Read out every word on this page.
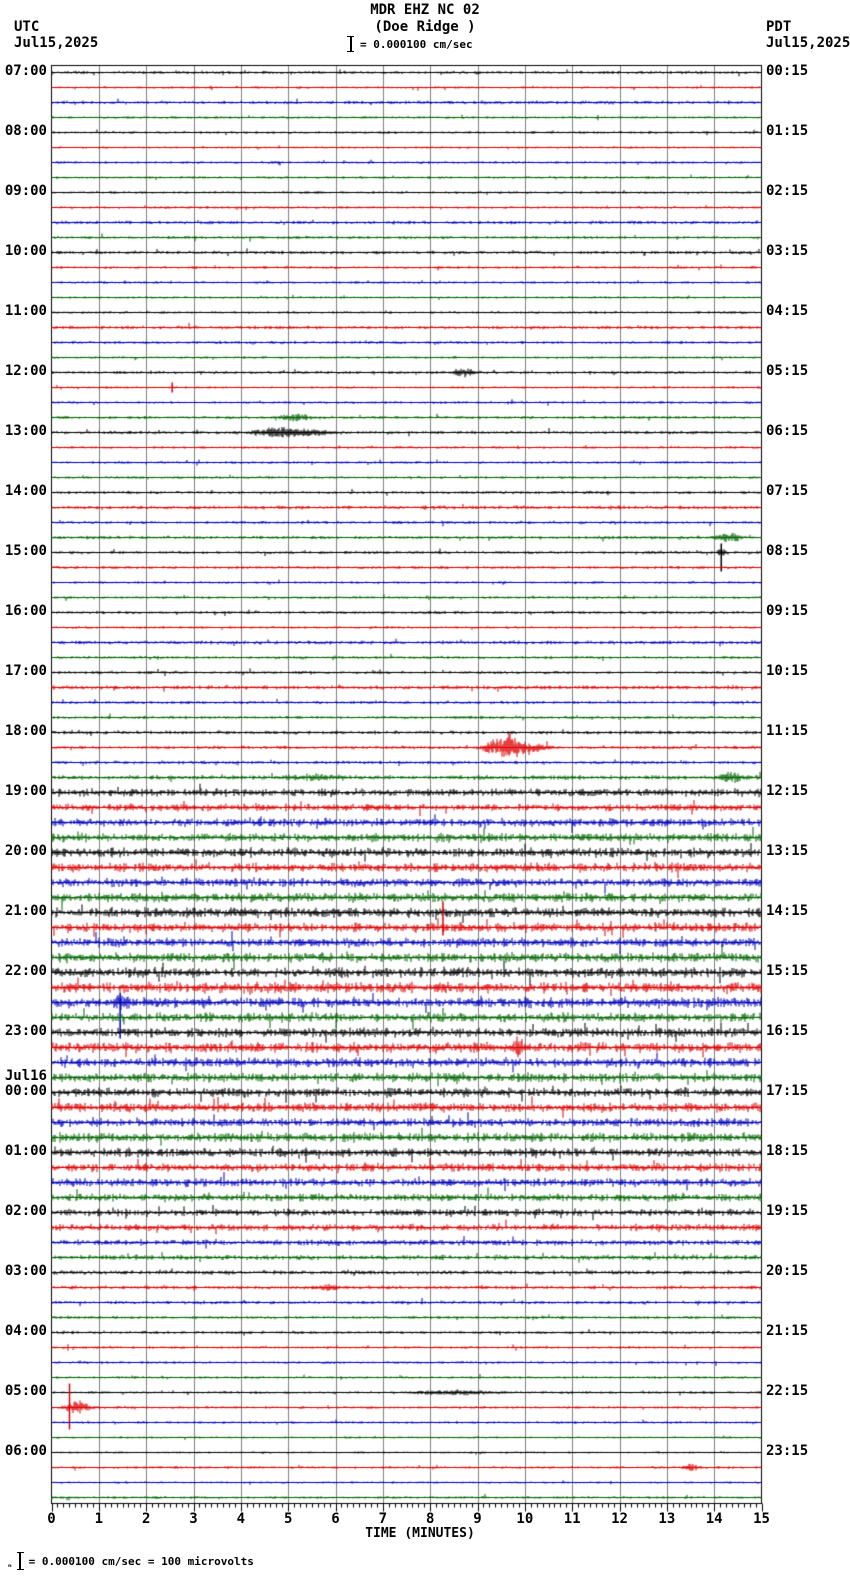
MDR EHZ NC 02
(Doe Ridge )
UTC
Jul15,2025
PDT
Jul15,2025
= 0.000100 cm/sec
07:00
08:00
09:00
10:00
11:00
12:00
13:00
14:00
15:00
16:00
17:00
18:00
19:00
20:00
21:00
22:00
23:00
Jul16
00:00
01:00
02:00
03:00
04:00
05:00
06:00
00:15
01:15
02:15
03:15
04:15
05:15
06:15
07:15
08:15
09:15
10:15
11:15
12:15
13:15
14:15
15:15
16:15
17:15
18:15
19:15
20:15
21:15
22:15
23:15
0	1	2	3	4	5	6	7	8	9 10 11 12 13 14 15
TIME (MINUTES)
ₙ = 0.000100 cm/sec = 100 microvolts
